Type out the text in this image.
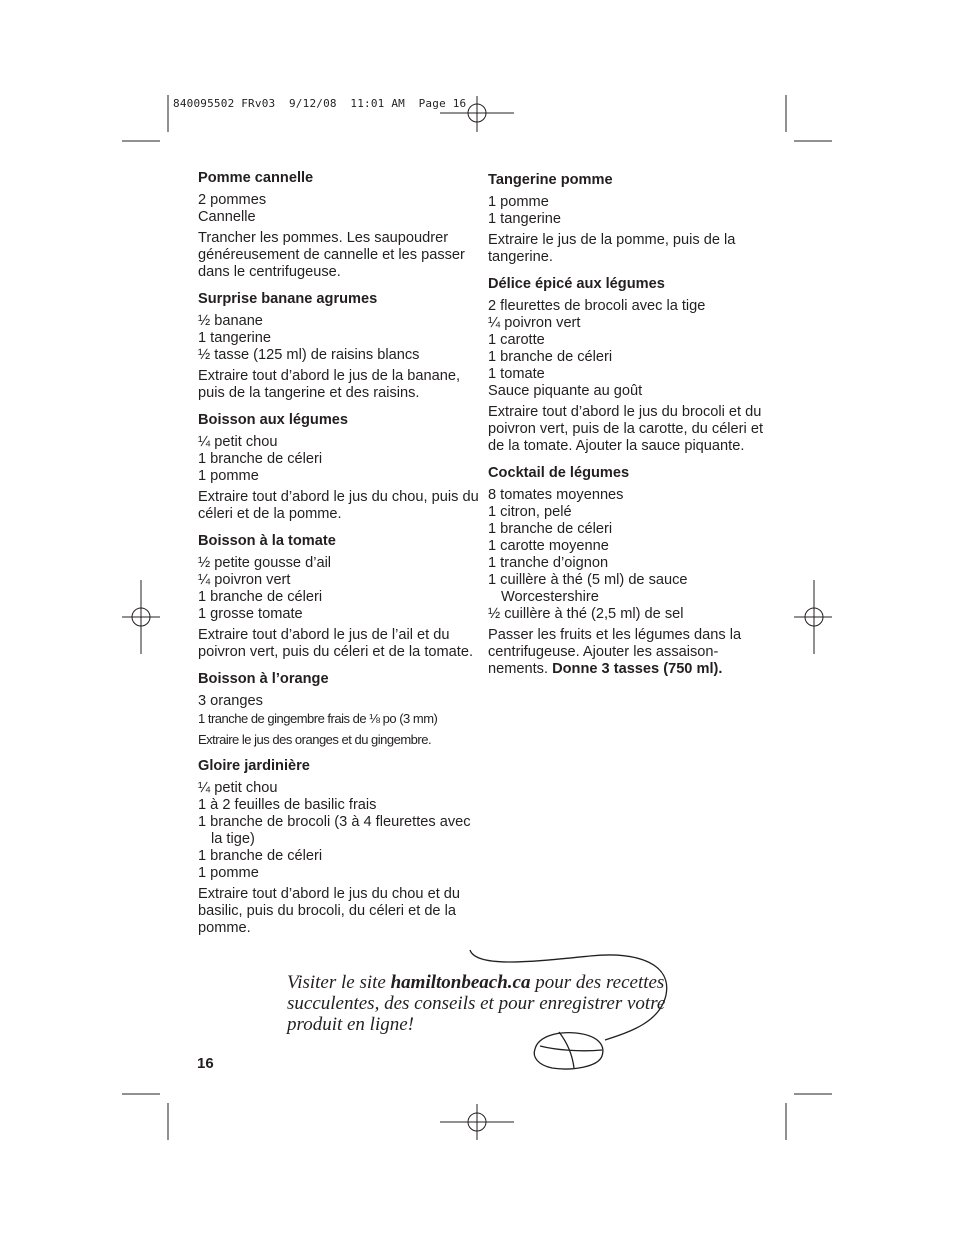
840095502 FRv03  9/12/08  11:01 AM  Page 16
Pomme cannelle
2 pommes
Cannelle

Trancher les pommes. Les saupoudrer généreusement de cannelle et les passer dans le centrifugeuse.

Surprise banane agrumes
½ banane
1 tangerine
½ tasse (125 ml) de raisins blancs

Extraire tout d’abord le jus de la banane, puis de la tangerine et des raisins.

Boisson aux légumes
¼ petit chou
1 branche de céleri
1 pomme

Extraire tout d’abord le jus du chou, puis du céleri et de la pomme.

Boisson à la tomate
½ petite gousse d’ail
¼ poivron vert
1 branche de céleri
1 grosse tomate

Extraire tout d’abord le jus de l’ail et du poivron vert, puis du céleri et de la tomate.

Boisson à l’orange
3 oranges
1 tranche de gingembre frais de ⅛ po (3 mm)

Extraire le jus des oranges et du gingembre.

Gloire jardinière
¼ petit chou
1 à 2 feuilles de basilic frais
1 branche de brocoli (3 à 4 fleurettes avec la tige)
1 branche de céleri
1 pomme

Extraire tout d’abord le jus du chou et du basilic, puis du brocoli, du céleri et de la pomme.

Tangerine pomme
1 pomme
1 tangerine

Extraire le jus de la pomme, puis de la tangerine.

Délice épicé aux légumes
2 fleurettes de brocoli avec la tige
¼ poivron vert
1 carotte
1 branche de céleri
1 tomate
Sauce piquante au goût

Extraire tout d’abord le jus du brocoli et du poivron vert, puis de la carotte, du céleri et de la tomate. Ajouter la sauce piquante.

Cocktail de légumes
8 tomates moyennes
1 citron, pelé
1 branche de céleri
1 carotte moyenne
1 tranche d’oignon
1 cuillère à thé (5 ml) de sauce Worcestershire
½ cuillère à thé (2,5 ml) de sel

Passer les fruits et les légumes dans la centrifugeuse. Ajouter les assaisonnements. Donne 3 tasses (750 ml).

Visiter le site hamiltonbeach.ca pour des recettes succulentes, des conseils et pour enregistrer votre produit en ligne!
16
